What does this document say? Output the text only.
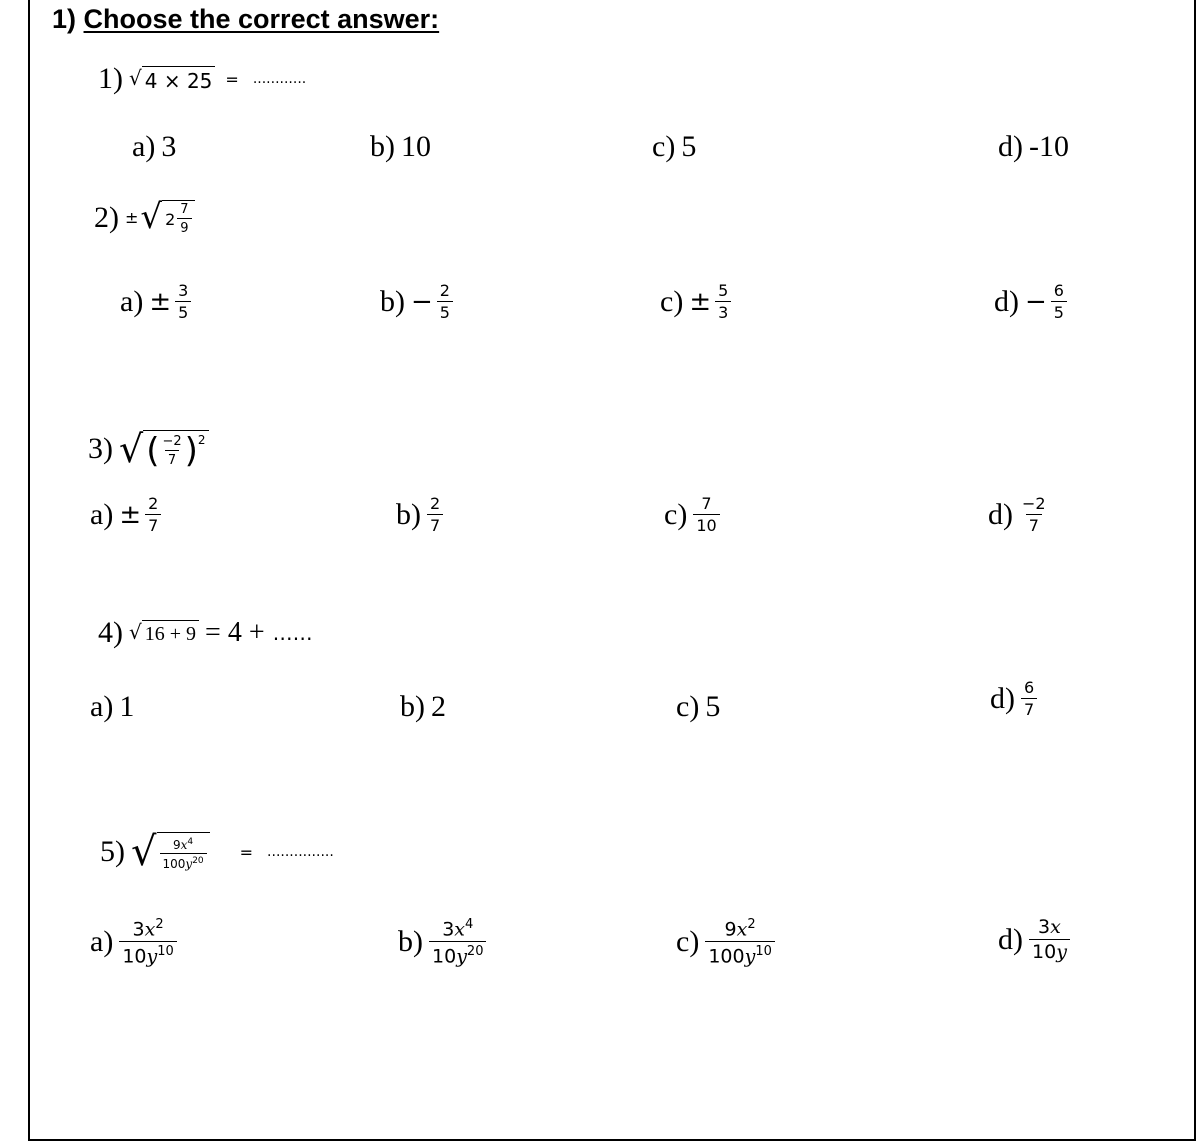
1) Choose the correct answer:
1) √ 4 × 25 = ............
a) 3	b) 10	c) 5	d) -10
2) ± √ $2 \frac{7}{9}$
$a) \pm \frac{3}{5}$	$b) - \frac{2}{5}$	$c) \pm \frac{5}{3}$	$d) - \frac{6}{5}$
3) √ ( $\frac{-2}{7}$ ) 2
$a) \pm \frac{2}{7}$	$b) \frac{2}{7}$	$c) \frac{7}{10}$	$d) \frac{-2}{7}$
4) √ 16 + 9 = 4 + ……
a) 1	b) 2	c) 5	$d) \frac{6}{7}$
5) √ $\frac{9x^4}{100y^{20}}$ = ...............
$a) \frac{3x^2}{10y^{10}}$	$b) \frac{3x^4}{10y^{20}}$	$c) \frac{9x^2}{100y^{10}}$	$d) \frac{3x}{10y}$
